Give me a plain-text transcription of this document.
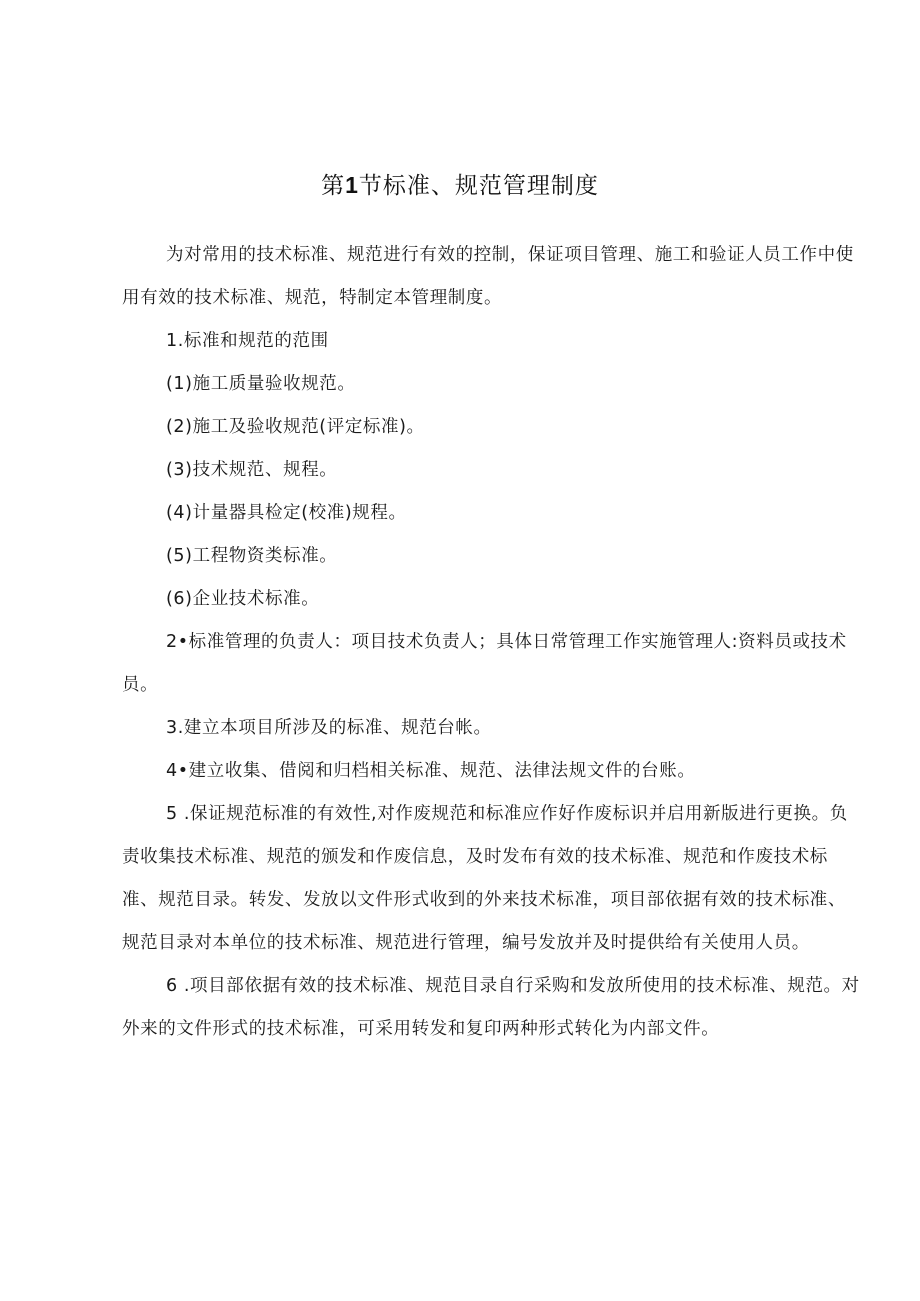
第1节标准、规范管理制度

为对常用的技术标准、规范进行有效的控制，保证项目管理、施工和验证人员工作中使用有效的技术标准、规范，特制定本管理制度。

1.标准和规范的范围

(1)施工质量验收规范。

(2)施工及验收规范(评定标准)。

(3)技术规范、规程。

(4)计量器具检定(校准)规程。

(5)工程物资类标准。

(6)企业技术标准。

2•标准管理的负责人：项目技术负责人；具体日常管理工作实施管理人:资料员或技术员。

3.建立本项目所涉及的标准、规范台帐。

4•建立收集、借阅和归档相关标准、规范、法律法规文件的台账。

5 .保证规范标准的有效性,对作废规范和标准应作好作废标识并启用新版进行更换。负责收集技术标准、规范的颁发和作废信息，及时发布有效的技术标准、规范和作废技术标准、规范目录。转发、发放以文件形式收到的外来技术标准，项目部依据有效的技术标准、规范目录对本单位的技术标准、规范进行管理，编号发放并及时提供给有关使用人员。

6 .项目部依据有效的技术标准、规范目录自行采购和发放所使用的技术标准、规范。对外来的文件形式的技术标准，可采用转发和复印两种形式转化为内部文件。
